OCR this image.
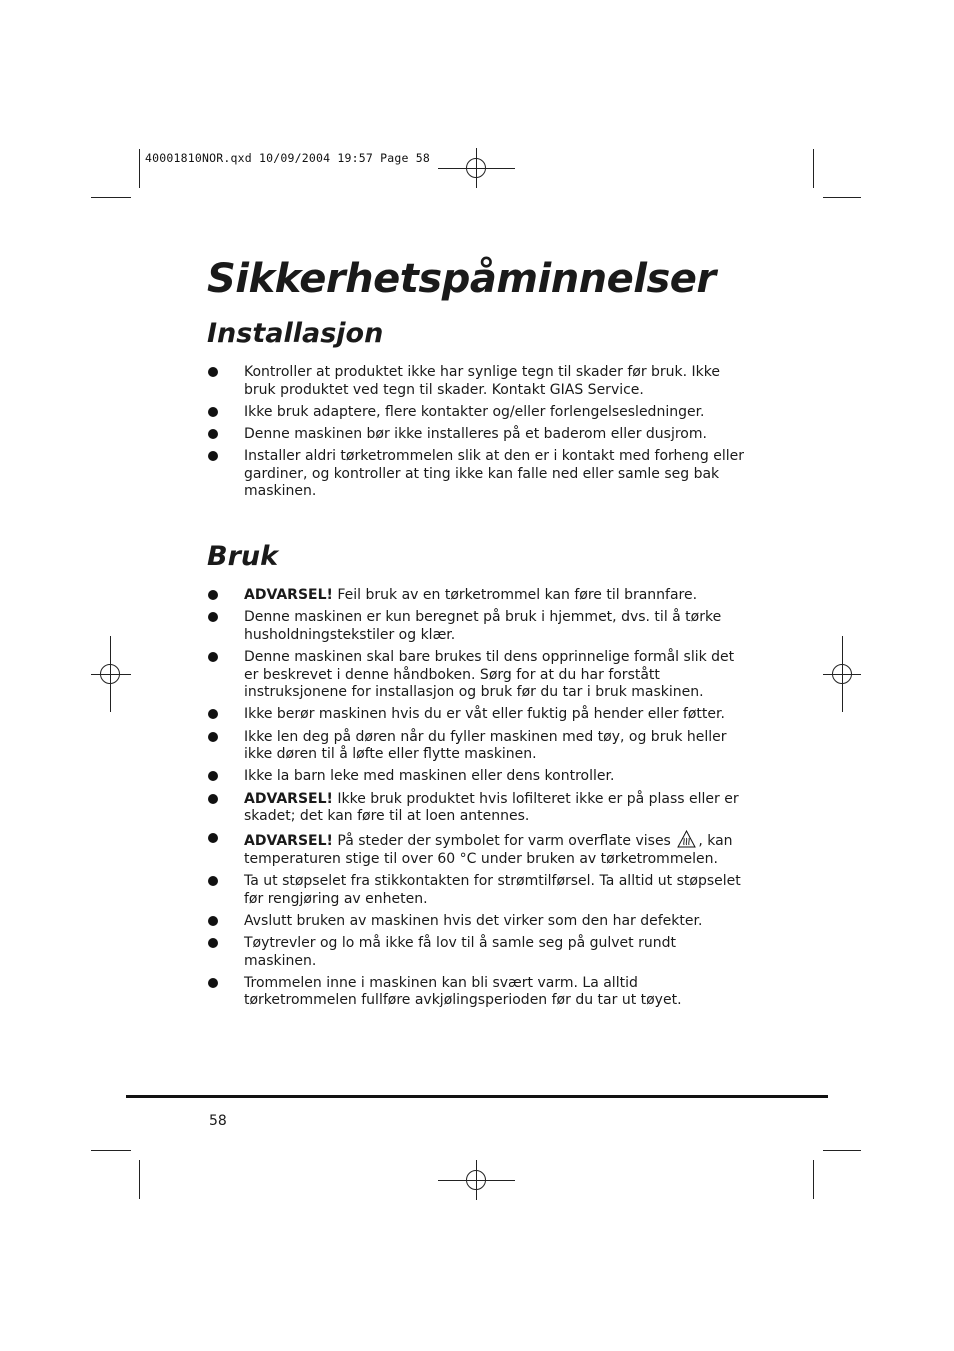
40001810NOR.qxd 10/09/2004 19:57 Page 58
Sikkerhetspåminnelser
Installasjon
Kontroller at produktet ikke har synlige tegn til skader før bruk. Ikke bruk produktet ved tegn til skader. Kontakt GIAS Service.
Ikke bruk adaptere, flere kontakter og/eller forlengelsesledninger.
Denne maskinen bør ikke installeres på et baderom eller dusjrom.
Installer aldri tørketrommelen slik at den er i kontakt med forheng eller gardiner, og kontroller at ting ikke kan falle ned eller samle seg bak maskinen.
Bruk
ADVARSEL! Feil bruk av en tørketrommel kan føre til brannfare.
Denne maskinen er kun beregnet på bruk i hjemmet, dvs. til å tørke husholdningstekstiler og klær.
Denne maskinen skal bare brukes til dens opprinnelige formål slik det er beskrevet i denne håndboken. Sørg for at du har forstått instruksjonene for installasjon og bruk før du tar i bruk maskinen.
Ikke berør maskinen hvis du er våt eller fuktig på hender eller føtter.
Ikke len deg på døren når du fyller maskinen med tøy, og bruk heller ikke døren til å løfte eller flytte maskinen.
Ikke la barn leke med maskinen eller dens kontroller.
ADVARSEL! Ikke bruk produktet hvis lofilteret ikke er på plass eller er skadet; det kan føre til at loen antennes.
ADVARSEL! På steder der symbolet for varm overflate vises , kan temperaturen stige til over 60 °C under bruken av tørketrommelen.
Ta ut støpselet fra stikkontakten for strømtilførsel. Ta alltid ut støpselet før rengjøring av enheten.
Avslutt bruken av maskinen hvis det virker som den har defekter.
Tøytrevler og lo må ikke få lov til å samle seg på gulvet rundt maskinen.
Trommelen inne i maskinen kan bli svært varm. La alltid tørketrommelen fullføre avkjølingsperioden før du tar ut tøyet.
58
